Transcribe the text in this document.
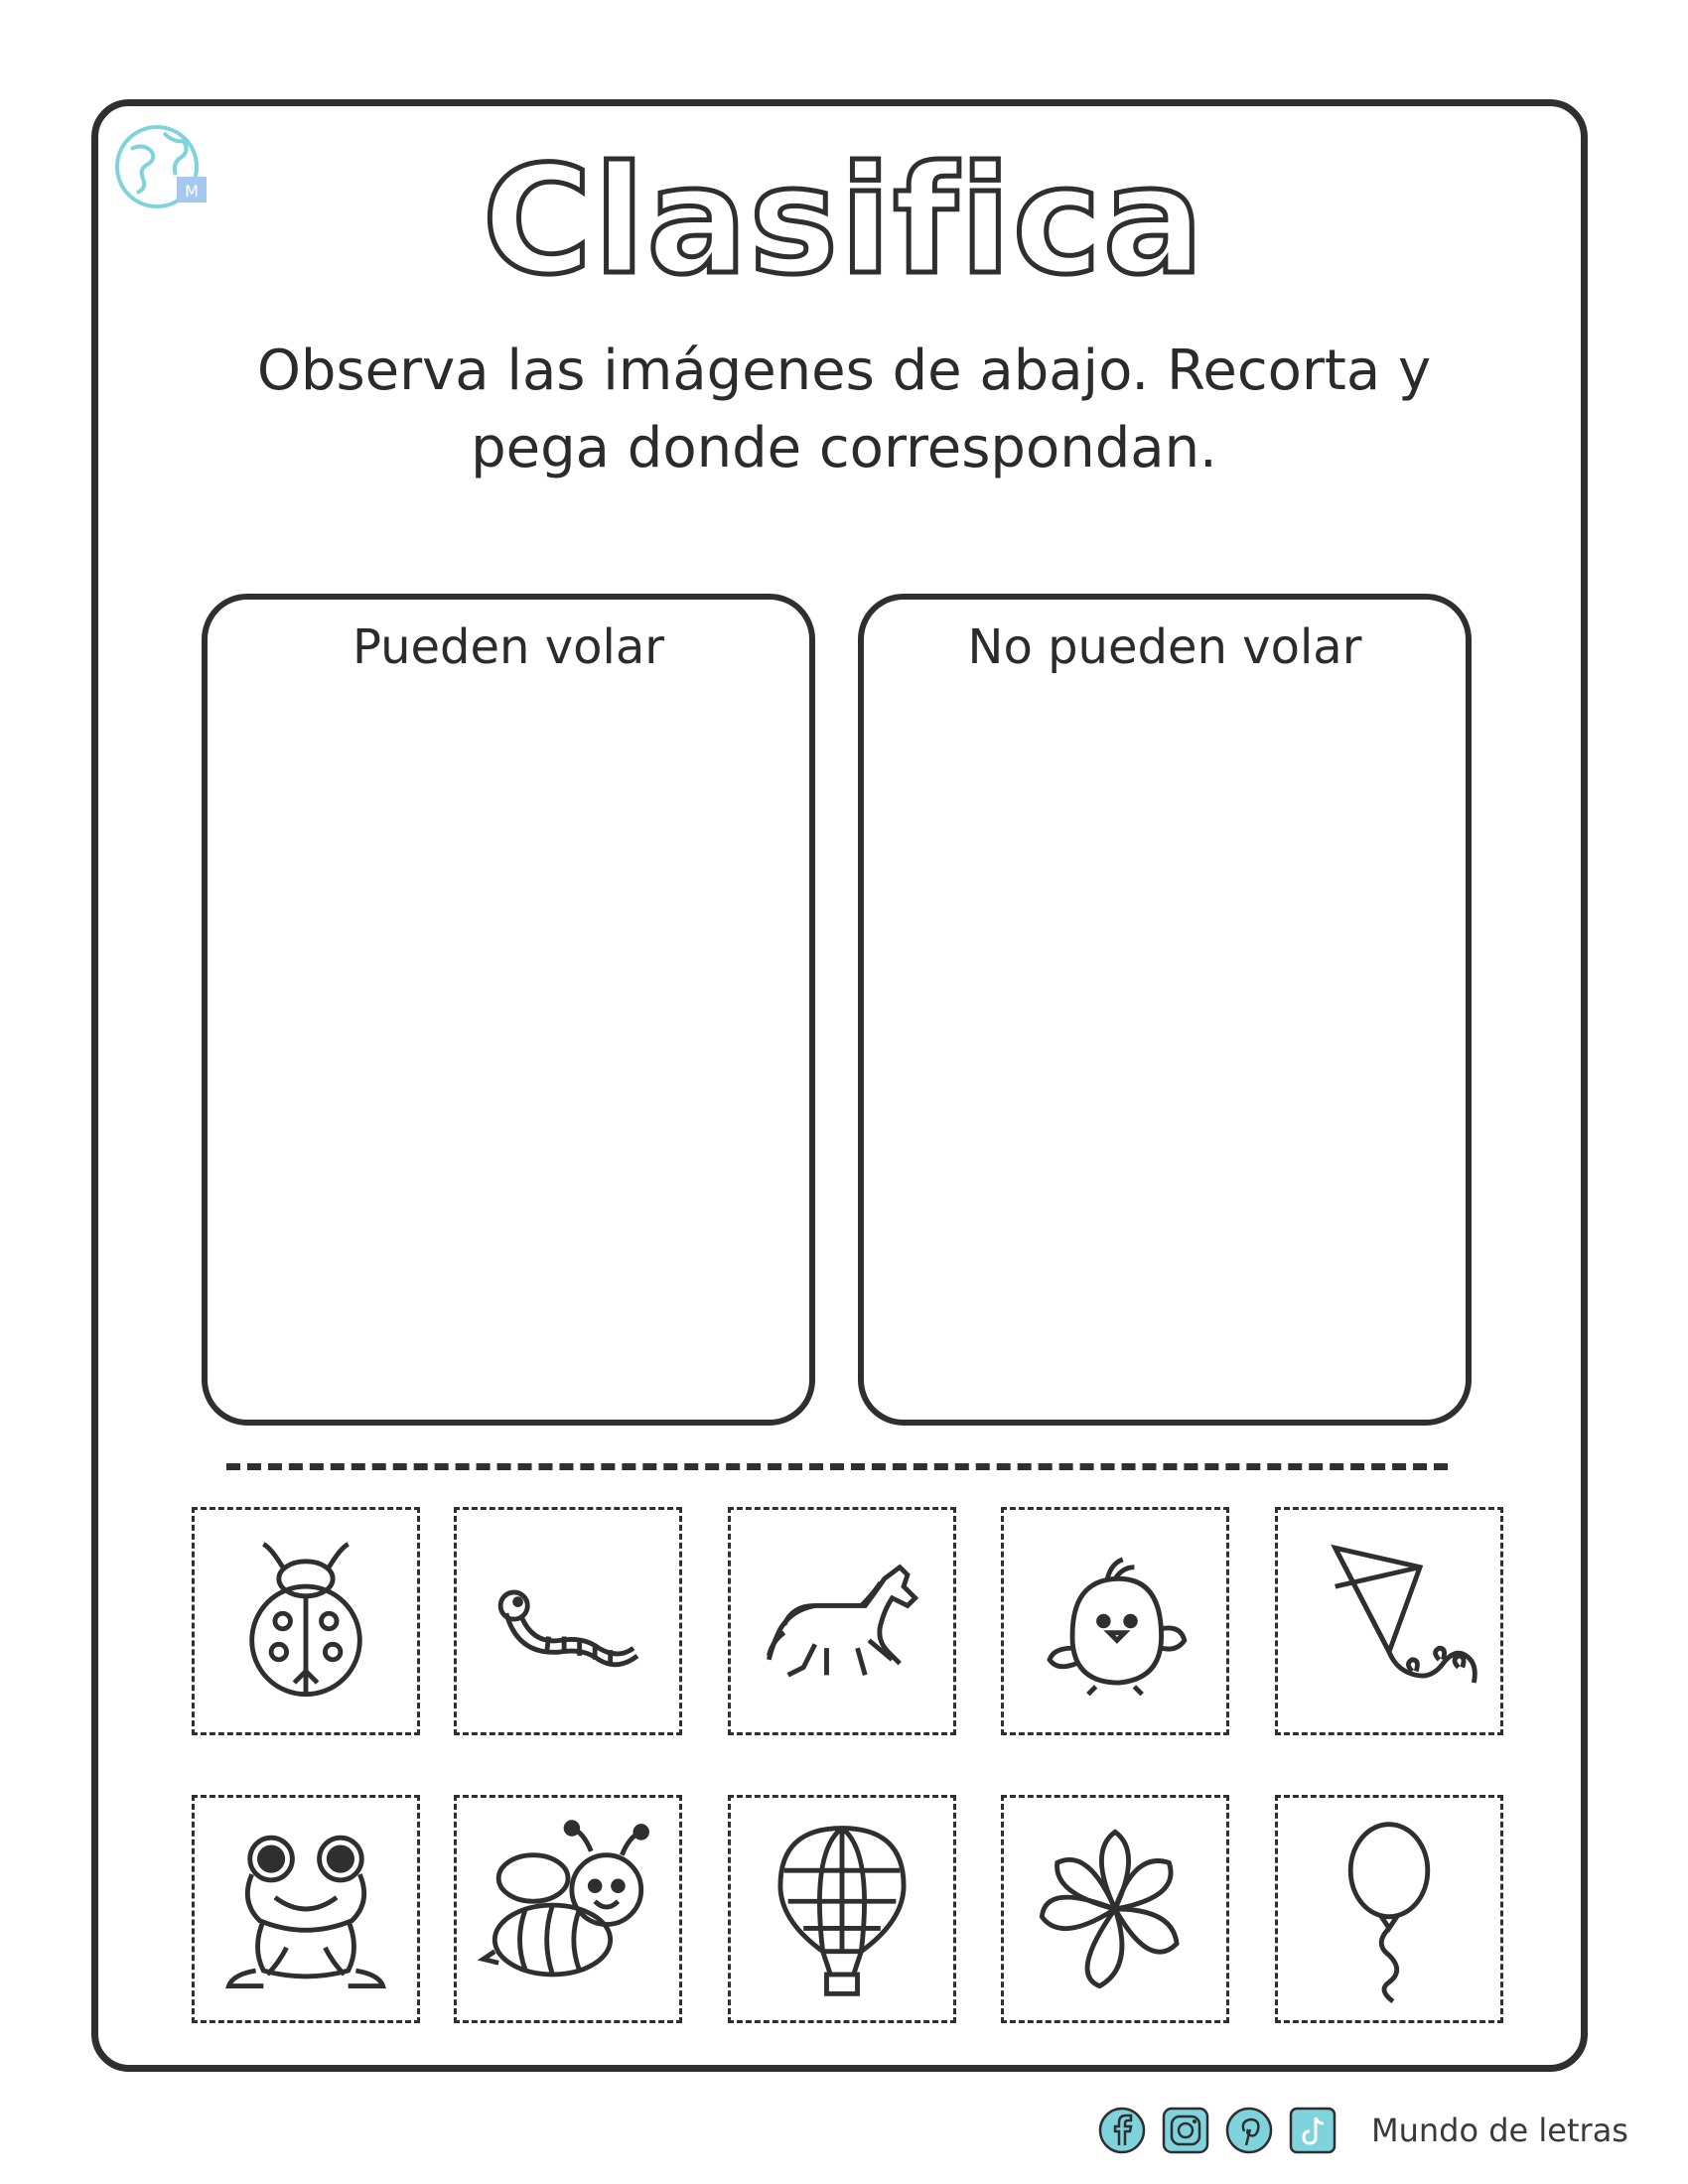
M	Clasifica
Observa las imágenes de abajo. Recorta y
pega donde correspondan.
Pueden volar	No pueden volar
Mundo de letras
